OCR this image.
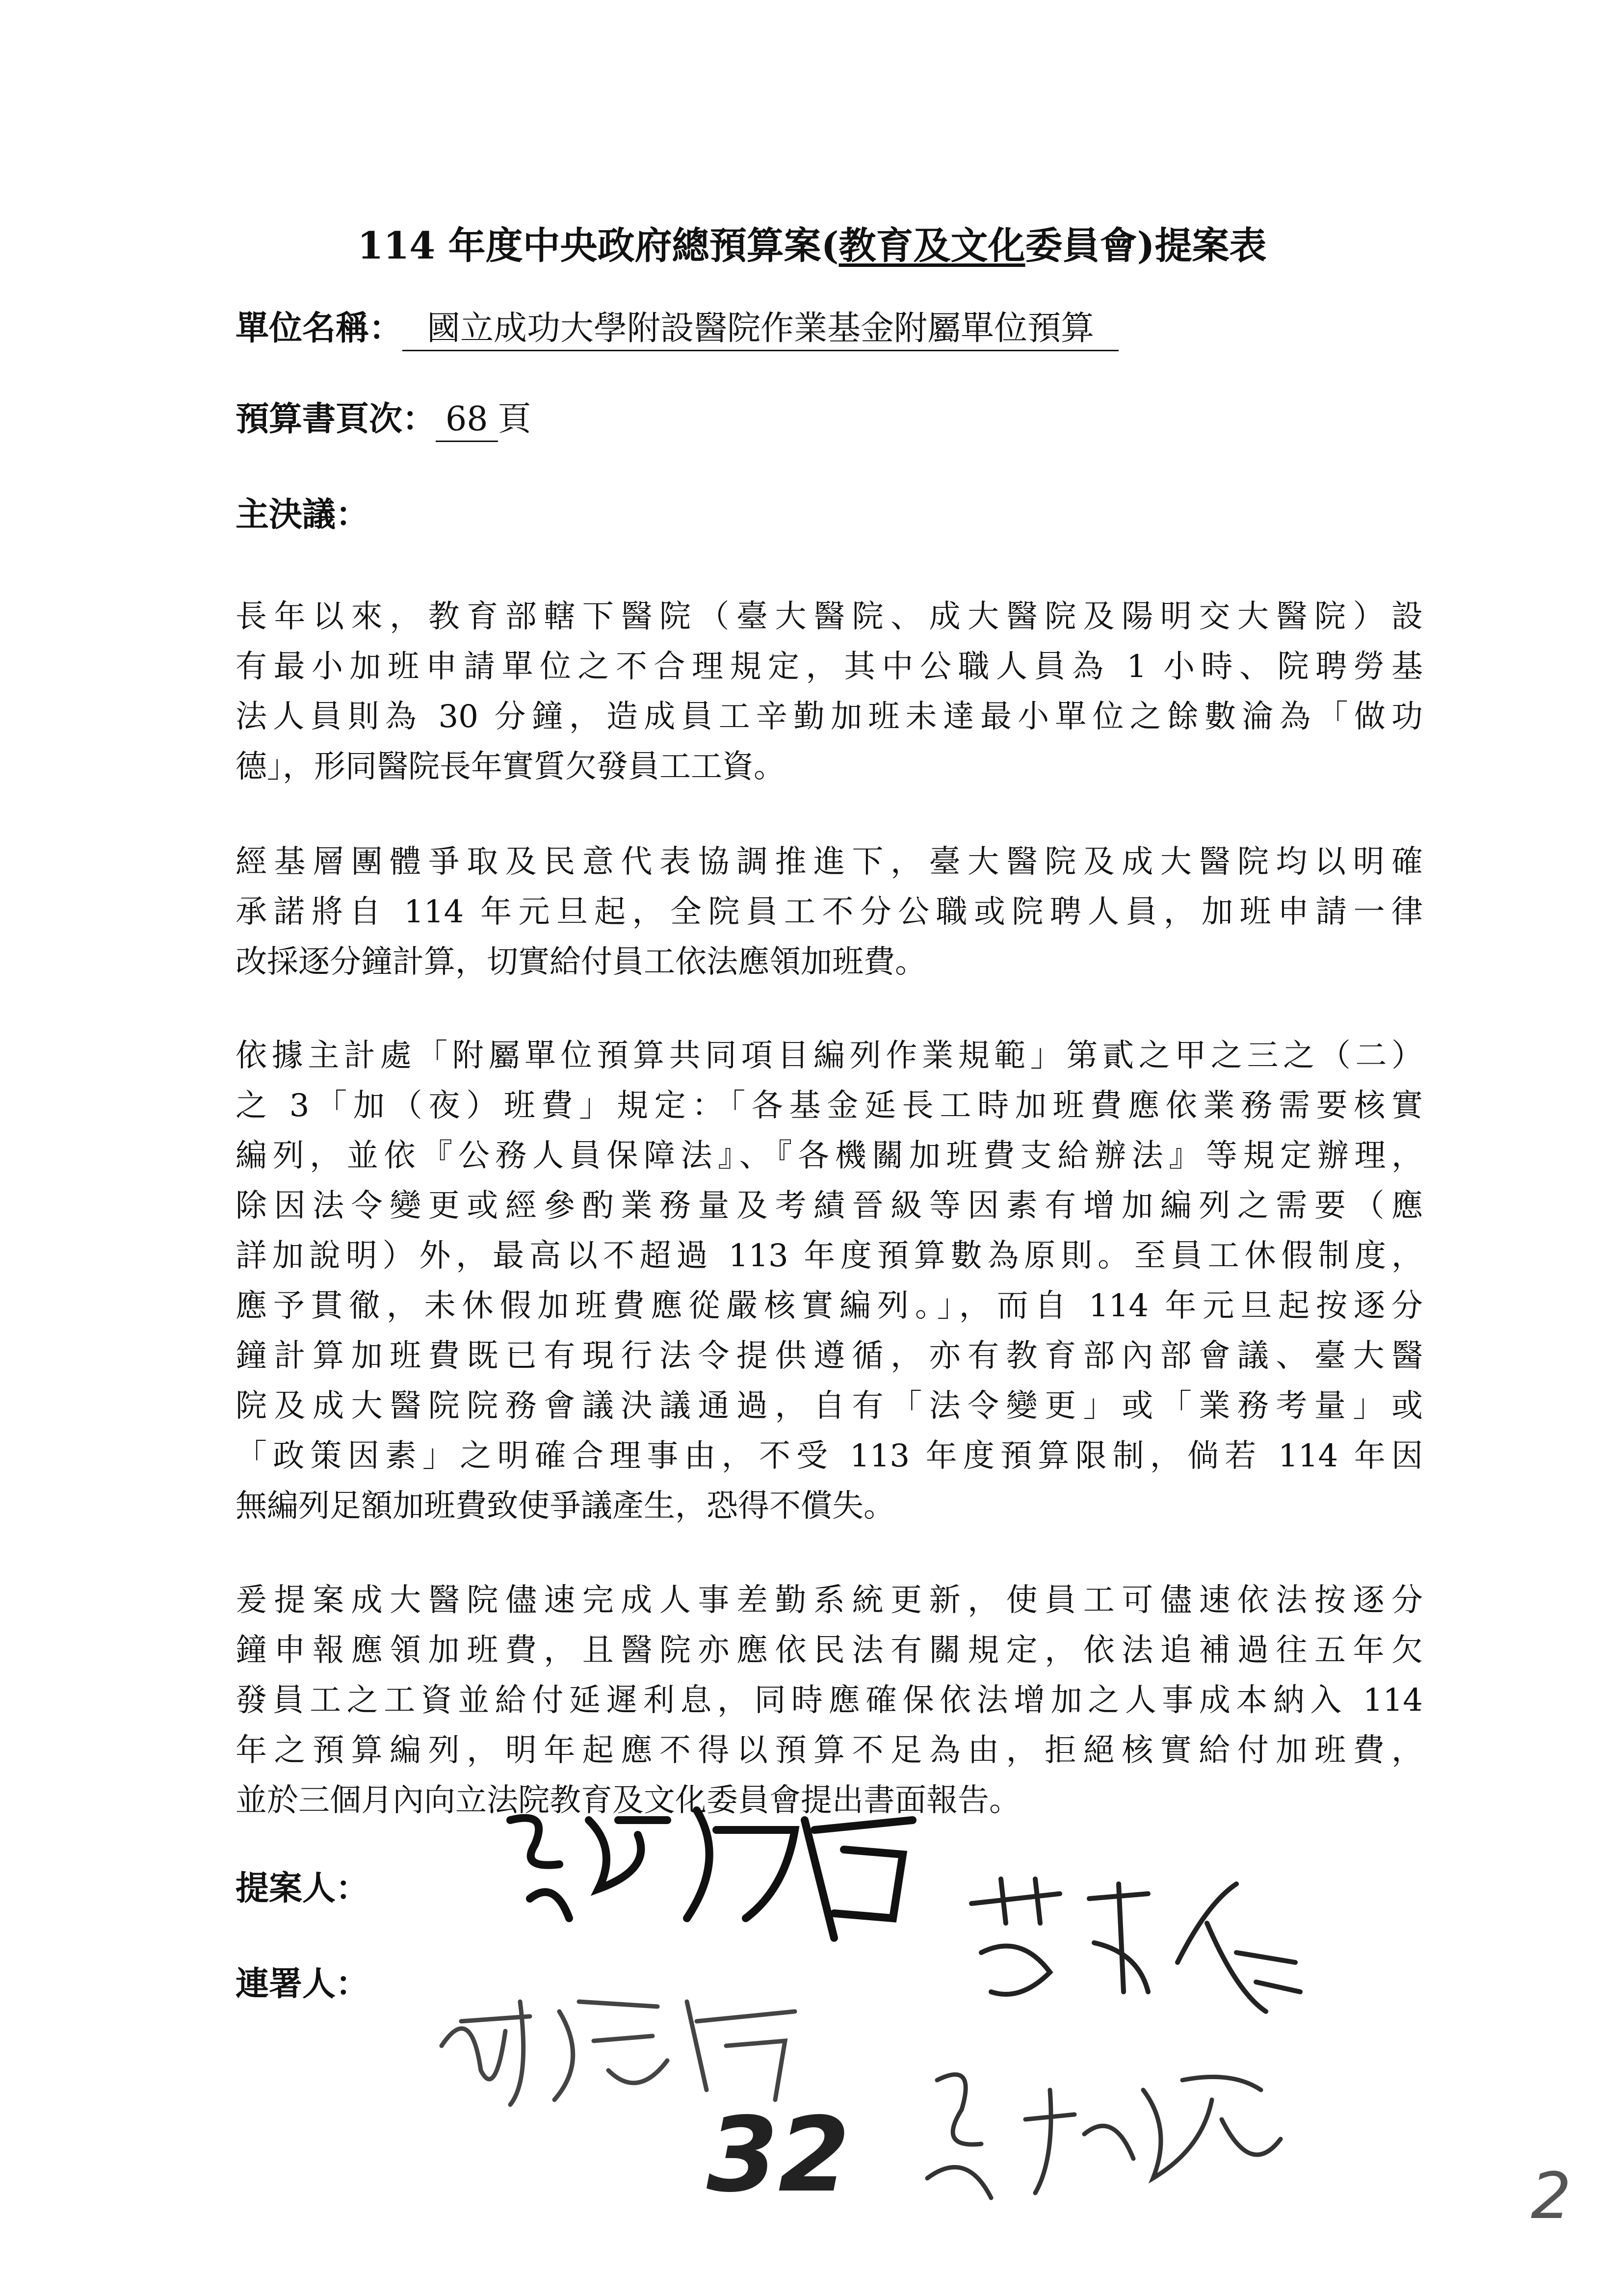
114 年度中央政府總預算案(教育及文化委員會)提案表
單位名稱： 國立成功大學附設醫院作業基金附屬單位預算
預算書頁次： 68 頁
主決議：
長年以來，教育部轄下醫院（臺大醫院、成大醫院及陽明交大醫院）設
有最小加班申請單位之不合理規定，其中公職人員為 1 小時、院聘勞基
法人員則為 30 分鐘，造成員工辛勤加班未達最小單位之餘數淪為「做功
德」，形同醫院長年實質欠發員工工資。
經基層團體爭取及民意代表協調推進下，臺大醫院及成大醫院均以明確
承諾將自 114 年元旦起，全院員工不分公職或院聘人員，加班申請一律
改採逐分鐘計算，切實給付員工依法應領加班費。
依據主計處「附屬單位預算共同項目編列作業規範」第貳之甲之三之（二）
之 3「加（夜）班費」規定：「各基金延長工時加班費應依業務需要核實
編列，並依『公務人員保障法』、『各機關加班費支給辦法』等規定辦理，
除因法令變更或經參酌業務量及考績晉級等因素有增加編列之需要（應
詳加說明）外，最高以不超過 113 年度預算數為原則。至員工休假制度，
應予貫徹，未休假加班費應從嚴核實編列。」，而自 114 年元旦起按逐分
鐘計算加班費既已有現行法令提供遵循，亦有教育部內部會議、臺大醫
院及成大醫院院務會議決議通過，自有「法令變更」或「業務考量」或
「政策因素」之明確合理事由，不受 113 年度預算限制，倘若 114 年因
無編列足額加班費致使爭議產生，恐得不償失。
爰提案成大醫院儘速完成人事差勤系統更新，使員工可儘速依法按逐分
鐘申報應領加班費，且醫院亦應依民法有關規定，依法追補過往五年欠
發員工之工資並給付延遲利息，同時應確保依法增加之人事成本納入 114
年之預算編列，明年起應不得以預算不足為由，拒絕核實給付加班費，
並於三個月內向立法院教育及文化委員會提出書面報告。
提案人：
連署人：
32	2
